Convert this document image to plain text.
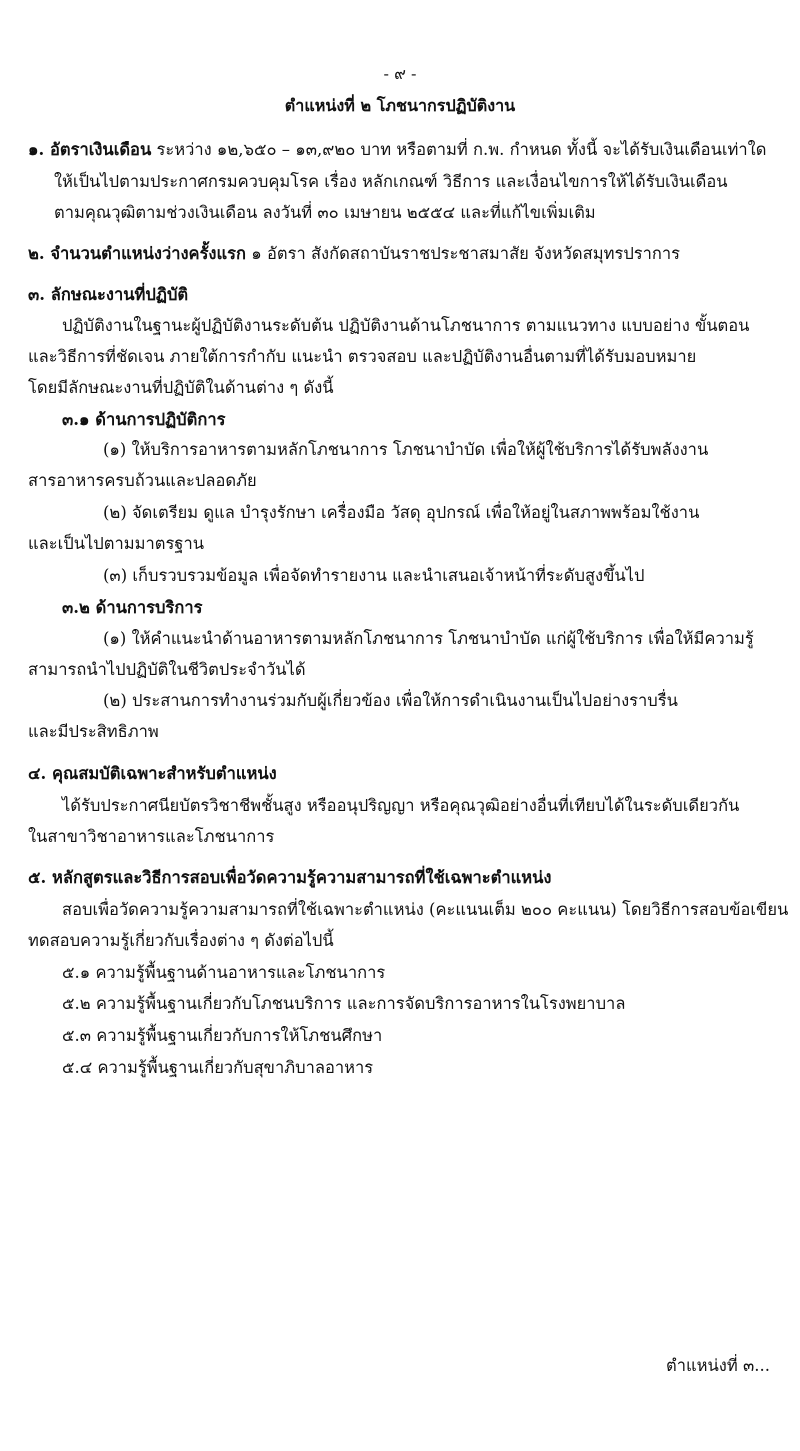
- ๙ -
ตำแหน่งที่ ๒ โภชนากรปฏิบัติงาน
๑. อัตราเงินเดือน ระหว่าง ๑๒,๖๕๐ – ๑๓,๙๒๐ บาท หรือตามที่ ก.พ. กำหนด ทั้งนี้ จะได้รับเงินเดือนเท่าใด
ให้เป็นไปตามประกาศกรมควบคุมโรค เรื่อง หลักเกณฑ์ วิธีการ และเงื่อนไขการให้ได้รับเงินเดือน
ตามคุณวุฒิตามช่วงเงินเดือน ลงวันที่ ๓๐ เมษายน ๒๕๕๔ และที่แก้ไขเพิ่มเติม
๒. จำนวนตำแหน่งว่างครั้งแรก ๑ อัตรา สังกัดสถาบันราชประชาสมาสัย จังหวัดสมุทรปราการ
๓. ลักษณะงานที่ปฏิบัติ
ปฏิบัติงานในฐานะผู้ปฏิบัติงานระดับต้น ปฏิบัติงานด้านโภชนาการ ตามแนวทาง แบบอย่าง ขั้นตอน
และวิธีการที่ชัดเจน ภายใต้การกำกับ แนะนำ ตรวจสอบ และปฏิบัติงานอื่นตามที่ได้รับมอบหมาย
โดยมีลักษณะงานที่ปฏิบัติในด้านต่าง ๆ ดังนี้
๓.๑ ด้านการปฏิบัติการ
(๑) ให้บริการอาหารตามหลักโภชนาการ โภชนาบำบัด เพื่อให้ผู้ใช้บริการได้รับพลังงาน
สารอาหารครบถ้วนและปลอดภัย
(๒) จัดเตรียม ดูแล บำรุงรักษา เครื่องมือ วัสดุ อุปกรณ์ เพื่อให้อยู่ในสภาพพร้อมใช้งาน
และเป็นไปตามมาตรฐาน
(๓) เก็บรวบรวมข้อมูล เพื่อจัดทำรายงาน และนำเสนอเจ้าหน้าที่ระดับสูงขึ้นไป
๓.๒ ด้านการบริการ
(๑) ให้คำแนะนำด้านอาหารตามหลักโภชนาการ โภชนาบำบัด แก่ผู้ใช้บริการ เพื่อให้มีความรู้
สามารถนำไปปฏิบัติในชีวิตประจำวันได้
(๒) ประสานการทำงานร่วมกับผู้เกี่ยวข้อง เพื่อให้การดำเนินงานเป็นไปอย่างราบรื่น
และมีประสิทธิภาพ
๔. คุณสมบัติเฉพาะสำหรับตำแหน่ง
ได้รับประกาศนียบัตรวิชาชีพชั้นสูง หรืออนุปริญญา หรือคุณวุฒิอย่างอื่นที่เทียบได้ในระดับเดียวกัน
ในสาขาวิชาอาหารและโภชนาการ
๕. หลักสูตรและวิธีการสอบเพื่อวัดความรู้ความสามารถที่ใช้เฉพาะตำแหน่ง
สอบเพื่อวัดความรู้ความสามารถที่ใช้เฉพาะตำแหน่ง (คะแนนเต็ม ๒๐๐ คะแนน) โดยวิธีการสอบข้อเขียน
ทดสอบความรู้เกี่ยวกับเรื่องต่าง ๆ ดังต่อไปนี้
๕.๑ ความรู้พื้นฐานด้านอาหารและโภชนาการ
๕.๒ ความรู้พื้นฐานเกี่ยวกับโภชนบริการ และการจัดบริการอาหารในโรงพยาบาล
๕.๓ ความรู้พื้นฐานเกี่ยวกับการให้โภชนศึกษา
๕.๔ ความรู้พื้นฐานเกี่ยวกับสุขาภิบาลอาหาร
ตำแหน่งที่ ๓...
